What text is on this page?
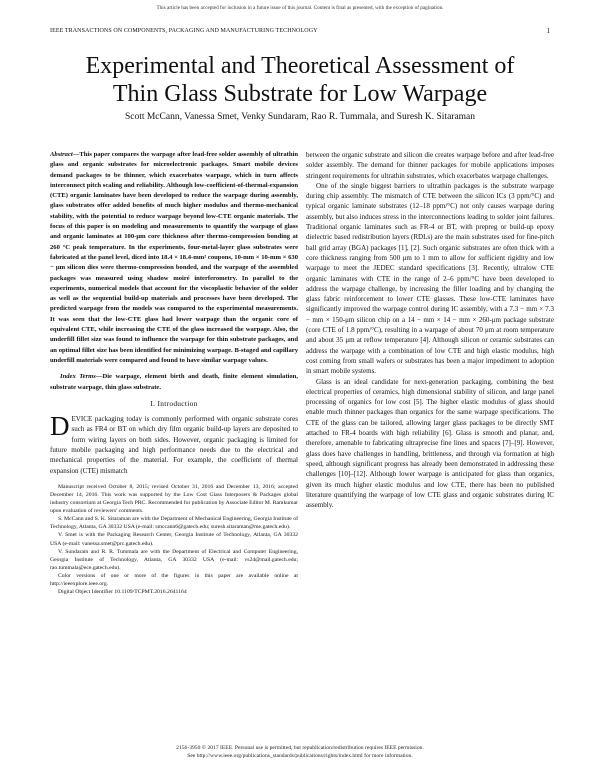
This article has been accepted for inclusion in a future issue of this journal. Content is final as presented, with the exception of pagination.
IEEE TRANSACTIONS ON COMPONENTS, PACKAGING AND MANUFACTURING TECHNOLOGY	1
Experimental and Theoretical Assessment of
Thin Glass Substrate for Low Warpage
Scott McCann, Vanessa Smet, Venky Sundaram, Rao R. Tummala, and Suresh K. Sitaraman

Abstract—This paper compares the warpage after lead-free solder assembly of ultrathin glass and organic substrates for microelectronic packages. Smart mobile devices demand packages to be thinner, which exacerbates warpage, which in turn affects interconnect pitch scaling and reliability. Although low-coefficient-of-thermal-expansion (CTE) organic laminates have been developed to reduce the warpage during assembly, glass substrates offer added benefits of much higher modulus and thermo-mechanical stability, with the potential to reduce warpage beyond low-CTE organic materials. The focus of this paper is on modeling and measurements to quantify the warpage of glass and organic laminates at 100-μm core thickness after thermo-compression bonding at 260 °C peak temperature. In the experiments, four-metal-layer glass substrates were fabricated at the panel level, diced into 18.4 × 18.4-mm² coupons, 10-mm × 10-mm × 630 − μm silicon dies were thermo-compression bonded, and the warpage of the assembled packages was measured using shadow moiré interferometry. In parallel to the experiments, numerical models that account for the viscoplastic behavior of the solder as well as the sequential build-up materials and processes have been developed. The predicted warpage from the models was compared to the experimental measurements. It was seen that the low-CTE glass had lower warpage than the organic core of equivalent CTE, while increasing the CTE of the glass increased the warpage. Also, the underfill fillet size was found to influence the warpage for thin substrate packages, and an optimal fillet size has been identified for minimizing warpage. B-staged and capillary underfill materials were compared and found to have similar warpage values.

Index Terms—Die warpage, element birth and death, finite element simulation, substrate warpage, thin glass substrate.

I. Introduction

DEVICE packaging today is commonly performed with organic substrate cores such as FR4 or BT on which dry film organic build-up layers are deposited to form wiring layers on both sides. However, organic packaging is limited for future mobile packaging and high performance needs due to the electrical and mechanical properties of the material. For example, the coefficient of thermal expansion (CTE) mismatch

Manuscript received October 8, 2015; revised October 31, 2016 and December 13, 2016; accepted December 14, 2016. This work was supported by the Low Cost Glass Interposers & Packages global industry consortium at Georgia Tech PRC. Recommended for publication by Associate Editor M. Ramkumar upon evaluation of reviewers' comments.

S. McCann and S. K. Sitaraman are with the Department of Mechanical Engineering, Georgia Institute of Technology, Atlanta, GA 30332 USA (e-mail: smccann6@gatech.edu; suresh.sitaraman@me.gatech.edu).

V. Smet is with the Packaging Research Center, Georgia Institute of Technology, Atlanta, GA 30332 USA (e-mail: vanessa.smet@prc.gatech.edu).

V. Sundaram and R. R. Tummala are with the Department of Electrical and Computer Engineering, Georgia Institute of Technology, Atlanta, GA 30332 USA (e-mail: vs24@mail.gatech.edu; rao.tummala@ece.gatech.edu).

Color versions of one or more of the figures in this paper are available online at http://ieeexplore.ieee.org.

Digital Object Identifier 10.1109/TCPMT.2016.2641164

between the organic substrate and silicon die creates warpage before and after lead-free solder assembly. The demand for thinner packages for mobile applications imposes stringent requirements for ultrathin substrates, which exacerbates warpage challenges.

One of the single biggest barriers to ultrathin packages is the substrate warpage during chip assembly. The mismatch of CTE between the silicon ICs (3 ppm/°C) and typical organic laminate substrates (12–18 ppm/°C) not only causes warpage during assembly, but also induces stress in the interconnections leading to solder joint failures. Traditional organic laminates such as FR-4 or BT, with prepreg or build-up epoxy dielectric based redistribution layers (RDLs) are the main substrates used for fine-pitch ball grid array (BGA) packages [1], [2]. Such organic substrates are often thick with a core thickness ranging from 500 μm to 1 mm to allow for sufficient rigidity and low warpage to meet the JEDEC standard specifications [3]. Recently, ultralow CTE organic laminates with CTE in the range of 2–6 ppm/°C have been developed to address the warpage challenge, by increasing the filler loading and by changing the glass fabric reinforcement to lower CTE glasses. These low-CTE laminates have significantly improved the warpage control during IC assembly, with a 7.3 − mm × 7.3 − mm × 150-μm silicon chip on a 14 − mm × 14 − mm × 260-μm package substrate (core CTE of 1.8 ppm/°C), resulting in a warpage of about 70 μm at room temperature and about 35 μm at reflow temperature [4]. Although silicon or ceramic substrates can address the warpage with a combination of low CTE and high elastic modulus, high cost coming from small wafers or substrates has been a major impediment to adoption in smart mobile systems.

Glass is an ideal candidate for next-generation packaging, combining the best electrical properties of ceramics, high dimensional stability of silicon, and large panel processing of organics for low cost [5]. The higher elastic modulus of glass should enable much thinner packages than organics for the same warpage specifications. The CTE of the glass can be tailored, allowing larger glass packages to be directly SMT attached to FR-4 boards with high reliability [6]. Glass is smooth and planar, and, therefore, amenable to fabricating ultraprecise fine lines and spaces [7]–[9]. However, glass does have challenges in handling, brittleness, and through via formation at high speed, although significant progress has already been demonstrated in addressing these challenges [10]–[12]. Although lower warpage is anticipated for glass than organics, given its much higher elastic modulus and low CTE, there has been no published literature quantifying the warpage of low CTE glass and organic substrates during IC assembly.

2156-3950 © 2017 IEEE. Personal use is permitted, but republication/redistribution requires IEEE permission.
See http://www.ieee.org/publications_standards/publications/rights/index.html for more information.
